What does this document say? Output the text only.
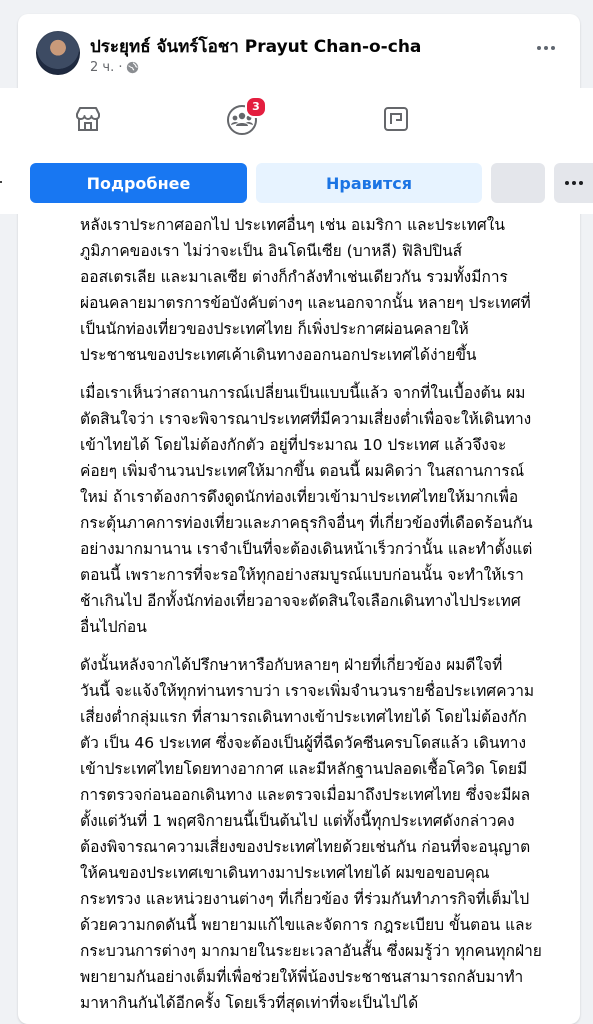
ประยุทธ์ จันทร์โอชา Prayut Chan-o-cha
2 ч. ·

หลังเราประกาศออกไป ประเทศอื่นๆ เช่น อเมริกา และประเทศใน
ภูมิภาคของเรา ไม่ว่าจะเป็น อินโดนีเซีย (บาหลี) ฟิลิปปินส์
ออสเตรเลีย และมาเลเซีย ต่างก็กำลังทำเช่นเดียวกัน รวมทั้งมีการ
ผ่อนคลายมาตรการข้อบังคับต่างๆ และนอกจากนั้น หลายๆ ประเทศที่
เป็นนักท่องเที่ยวของประเทศไทย ก็เพิ่งประกาศผ่อนคลายให้
ประชาชนของประเทศเค้าเดินทางออกนอกประเทศได้ง่ายขึ้น

เมื่อเราเห็นว่าสถานการณ์เปลี่ยนเป็นแบบนี้แล้ว จากที่ในเบื้องต้น ผม
ตัดสินใจว่า เราจะพิจารณาประเทศที่มีความเสี่ยงต่ำเพื่อจะให้เดินทาง
เข้าไทยได้ โดยไม่ต้องกักตัว อยู่ที่ประมาณ 10 ประเทศ แล้วจึงจะ
ค่อยๆ เพิ่มจำนวนประเทศให้มากขึ้น ตอนนี้ ผมคิดว่า ในสถานการณ์
ใหม่ ถ้าเราต้องการดึงดูดนักท่องเที่ยวเข้ามาประเทศไทยให้มากเพื่อ
กระตุ้นภาคการท่องเที่ยวและภาคธุรกิจอื่นๆ ที่เกี่ยวข้องที่เดือดร้อนกัน
อย่างมากมานาน เราจำเป็นที่จะต้องเดินหน้าเร็วกว่านั้น และทำตั้งแต่
ตอนนี้ เพราะการที่จะรอให้ทุกอย่างสมบูรณ์แบบก่อนนั้น จะทำให้เรา
ช้าเกินไป อีกทั้งนักท่องเที่ยวอาจจะตัดสินใจเลือกเดินทางไปประเทศ
อื่นไปก่อน

ดังนั้นหลังจากได้ปรึกษาหารือกับหลายๆ ฝ่ายที่เกี่ยวข้อง ผมดีใจที่
วันนี้ จะแจ้งให้ทุกท่านทราบว่า เราจะเพิ่มจำนวนรายชื่อประเทศความ
เสี่ยงต่ำกลุ่มแรก ที่สามารถเดินทางเข้าประเทศไทยได้ โดยไม่ต้องกัก
ตัว เป็น 46 ประเทศ ซึ่งจะต้องเป็นผู้ที่ฉีดวัคซีนครบโดสแล้ว เดินทาง
เข้าประเทศไทยโดยทางอากาศ และมีหลักฐานปลอดเชื้อโควิด โดยมี
การตรวจก่อนออกเดินทาง และตรวจเมื่อมาถึงประเทศไทย ซึ่งจะมีผล
ตั้งแต่วันที่ 1 พฤศจิกายนนี้เป็นต้นไป แต่ทั้งนี้ทุกประเทศดังกล่าวคง
ต้องพิจารณาความเสี่ยงของประเทศไทยด้วยเช่นกัน ก่อนที่จะอนุญาต
ให้คนของประเทศเขาเดินทางมาประเทศไทยได้ ผมขอขอบคุณ
กระทรวง และหน่วยงานต่างๆ ที่เกี่ยวข้อง ที่ร่วมกันทำภารกิจที่เต็มไป
ด้วยความกดดันนี้ พยายามแก้ไขและจัดการ กฎระเบียบ ขั้นตอน และ
กระบวนการต่างๆ มากมายในระยะเวลาอันสั้น ซึ่งผมรู้ว่า ทุกคนทุกฝ่าย
พยายามกันอย่างเต็มที่เพื่อช่วยให้พี่น้องประชาชนสามารถกลับมาทำ
มาหากินกันได้อีกครั้ง โดยเร็วที่สุดเท่าที่จะเป็นไปได้

3
Подробнее	Нравится
